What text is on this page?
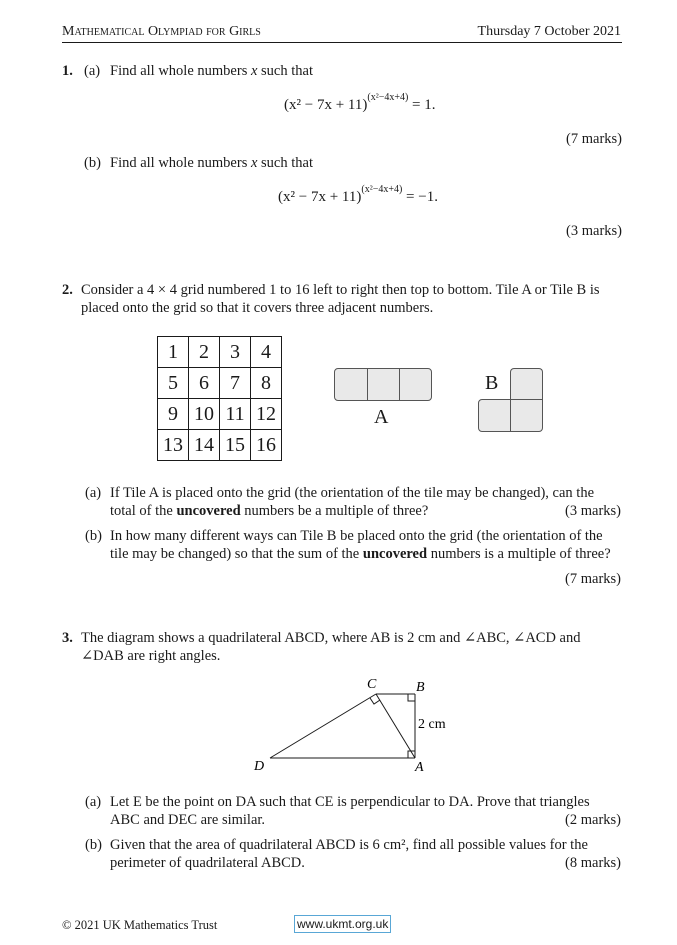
Mathematical Olympiad for Girls	Thursday 7 October 2021
1. (a) Find all whole numbers x such that
$(x^2 - 7x + 11)^{(x^2-4x+4)} = 1$.
(7 marks)
(b) Find all whole numbers x such that
$(x^2 - 7x + 11)^{(x^2-4x+4)} = -1$.
(3 marks)
2. Consider a 4 × 4 grid numbered 1 to 16 left to right then top to bottom. Tile A or Tile B is
placed onto the grid so that it covers three adjacent numbers.
1	2	3	4
5	6	7	8
9	10	11	12
13	14	15	16
A
B
(a) If Tile A is placed onto the grid (the orientation of the tile may be changed), can the
total of the uncovered numbers be a multiple of three?	(3 marks)
(b) In how many different ways can Tile B be placed onto the grid (the orientation of the
tile may be changed) so that the sum of the uncovered numbers is a multiple of three?
(7 marks)
3. The diagram shows a quadrilateral ABCD, where AB is 2 cm and ∠ABC, ∠ACD and
∠DAB are right angles.
C	B
D	A
2 cm
(a) Let E be the point on DA such that CE is perpendicular to DA. Prove that triangles
ABC and DEC are similar.	(2 marks)
(b) Given that the area of quadrilateral ABCD is 6 cm², find all possible values for the
perimeter of quadrilateral ABCD.	(8 marks)
© 2021 UK Mathematics Trust	www.ukmt.org.uk
